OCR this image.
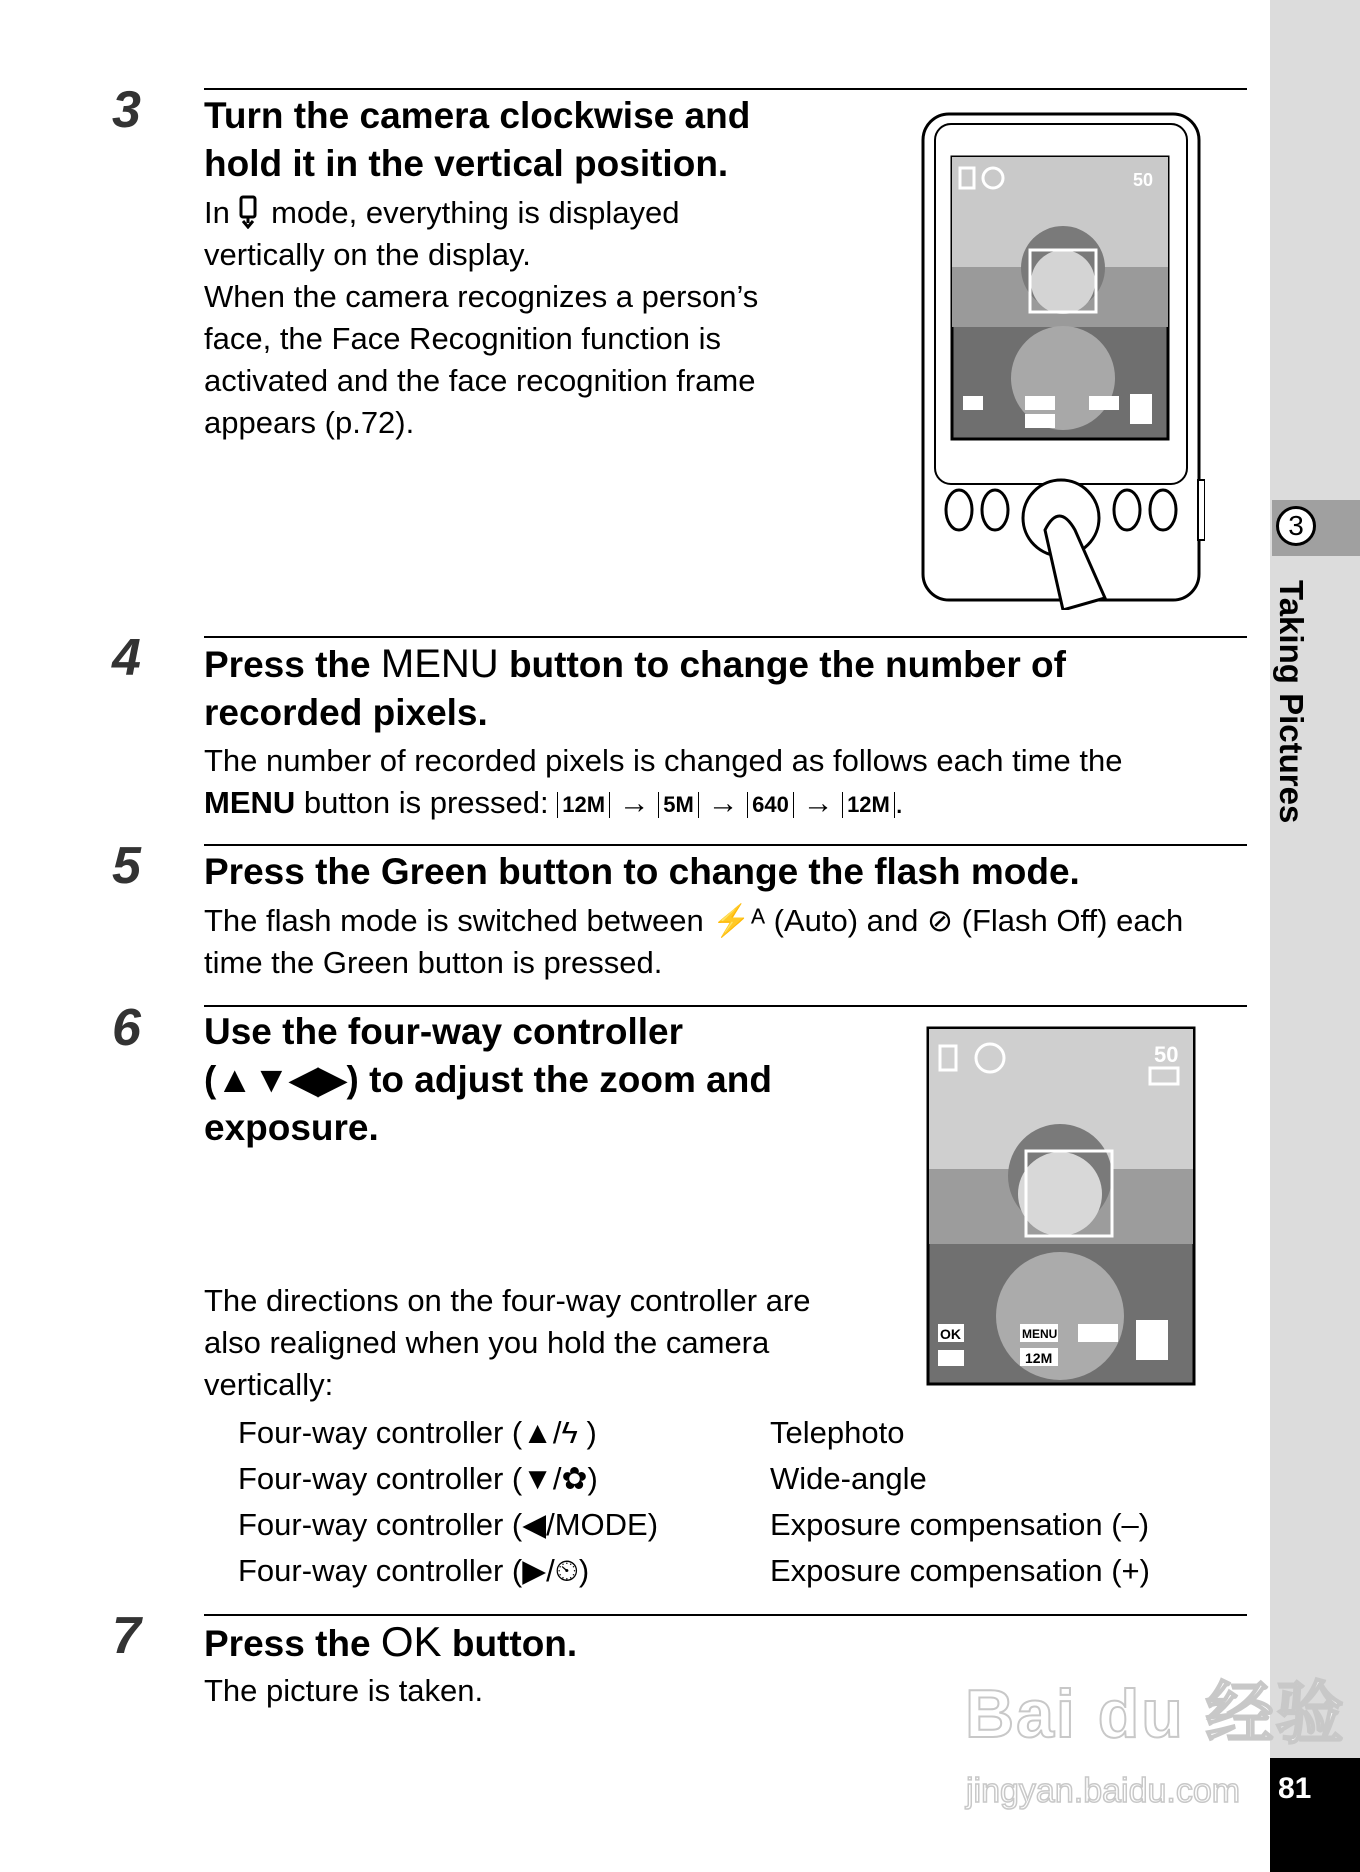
3
Taking Pictures
81
3 Turn the camera clockwise and
hold it in the vertical position.
In mode, everything is displayed
vertically on the display.
When the camera recognizes a person’s
face, the Face Recognition function is
activated and the face recognition frame
appears (p.72).
50
4 Press the MENU button to change the number of
recorded pixels.
The number of recorded pixels is changed as follows each time the
MENU button is pressed: 12M → 5M → 640 → 12M .
5 Press the Green button to change the flash mode.
The flash mode is switched between ⚡ᴬ (Auto) and ⊘ (Flash Off) each
time the Green button is pressed.
6 Use the four-way controller
(▲▼◀▶) to adjust the zoom and
exposure.
The directions on the four-way controller are
also realigned when you hold the camera
vertically:
Four-way controller (▲/ϟ )	Telephoto
Four-way controller (▼/✿)	Wide-angle
Four-way controller (◀/MODE)	Exposure compensation (–)
Four-way controller (▶/⏲)	Exposure compensation (+)
50
OK	MENU
12M
7 Press the OK button.
The picture is taken.	Bai du 经验
jingyan.baidu.com
